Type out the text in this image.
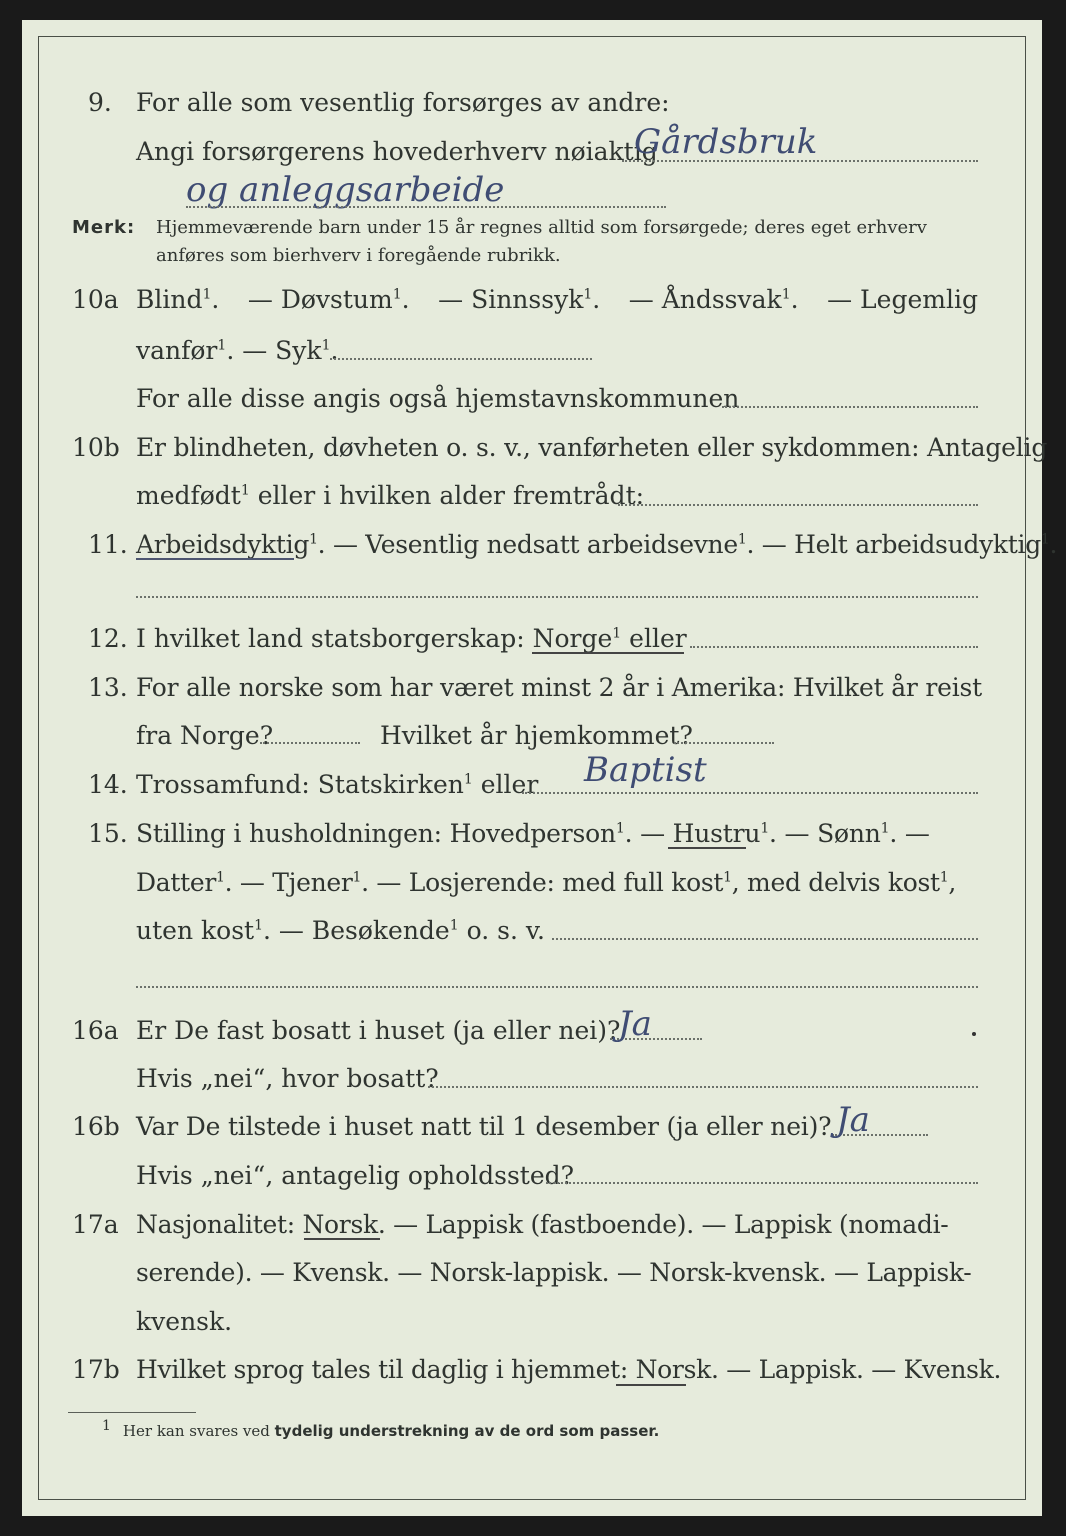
9. For alle som vesentlig forsørges av andre:
Angi forsørgerens hovederhverv nøiaktig
Gårdsbruk
og anleggsarbeide
Merk: Hjemmeværende barn under 15 år regnes alltid som forsørgede; deres eget erhverv
anføres som bierhverv i foregående rubrikk.
10a Blind$^1$. — Døvstum$^1$. — Sinnssyk$^1$. — Åndssvak$^1$. — Legemlig
vanfør$^1$. — Syk$^1$.
For alle disse angis også hjemstavnskommunen
10b Er blindheten, døvheten o. s. v., vanførheten eller sykdommen: Antagelig
medfødt$^1$ eller i hvilken alder fremtrådt:
11. Arbeidsdyktig$^1$. — Vesentlig nedsatt arbeidsevne$^1$. — Helt arbeidsudyktig$^1$.
12. I hvilket land statsborgerskap: Norge$^1$ eller
13. For alle norske som har været minst 2 år i Amerika: Hvilket år reist
fra Norge?	Hvilket år hjemkommet?
14. Trossamfund: Statskirken$^1$ eller Baptist
15. Stilling i husholdningen: Hovedperson$^1$. — Hustru$^1$. — Sønn$^1$. —
Datter$^1$. — Tjener$^1$. — Losjerende: med full kost$^1$, med delvis kost$^1$,
uten kost$^1$. — Besøkende$^1$ o. s. v.
16a Er De fast bosatt i huset (ja eller nei)?
Ja
Hvis „nei“, hvor bosatt?
16b Var De tilstede i huset natt til 1 desember (ja eller nei)? Ja
Hvis „nei“, antagelig opholdssted?
17a Nasjonalitet: Norsk. — Lappisk (fastboende). — Lappisk (nomadi-
serende). — Kvensk. — Norsk-lappisk. — Norsk-kvensk. — Lappisk-
kvensk.
17b Hvilket sprog tales til daglig i hjemmet: Norsk. — Lappisk. — Kvensk.
$^1$ Her kan svares ved tydelig understrekning av de ord som passer.
